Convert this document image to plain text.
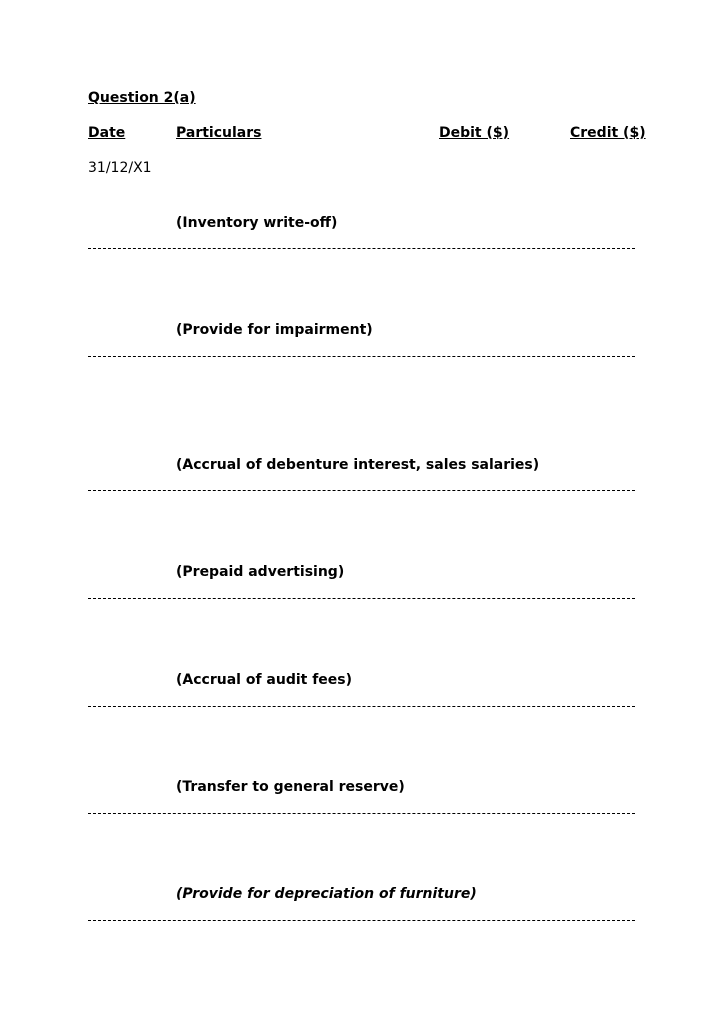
Question 2(a)
Date	Particulars	Debit ($)	Credit ($)
31/12/X1
(Inventory write-off)
(Provide for impairment)
(Accrual of debenture interest, sales salaries)
(Prepaid advertising)
(Accrual of audit fees)
(Transfer to general reserve)
(Provide for depreciation of furniture)
